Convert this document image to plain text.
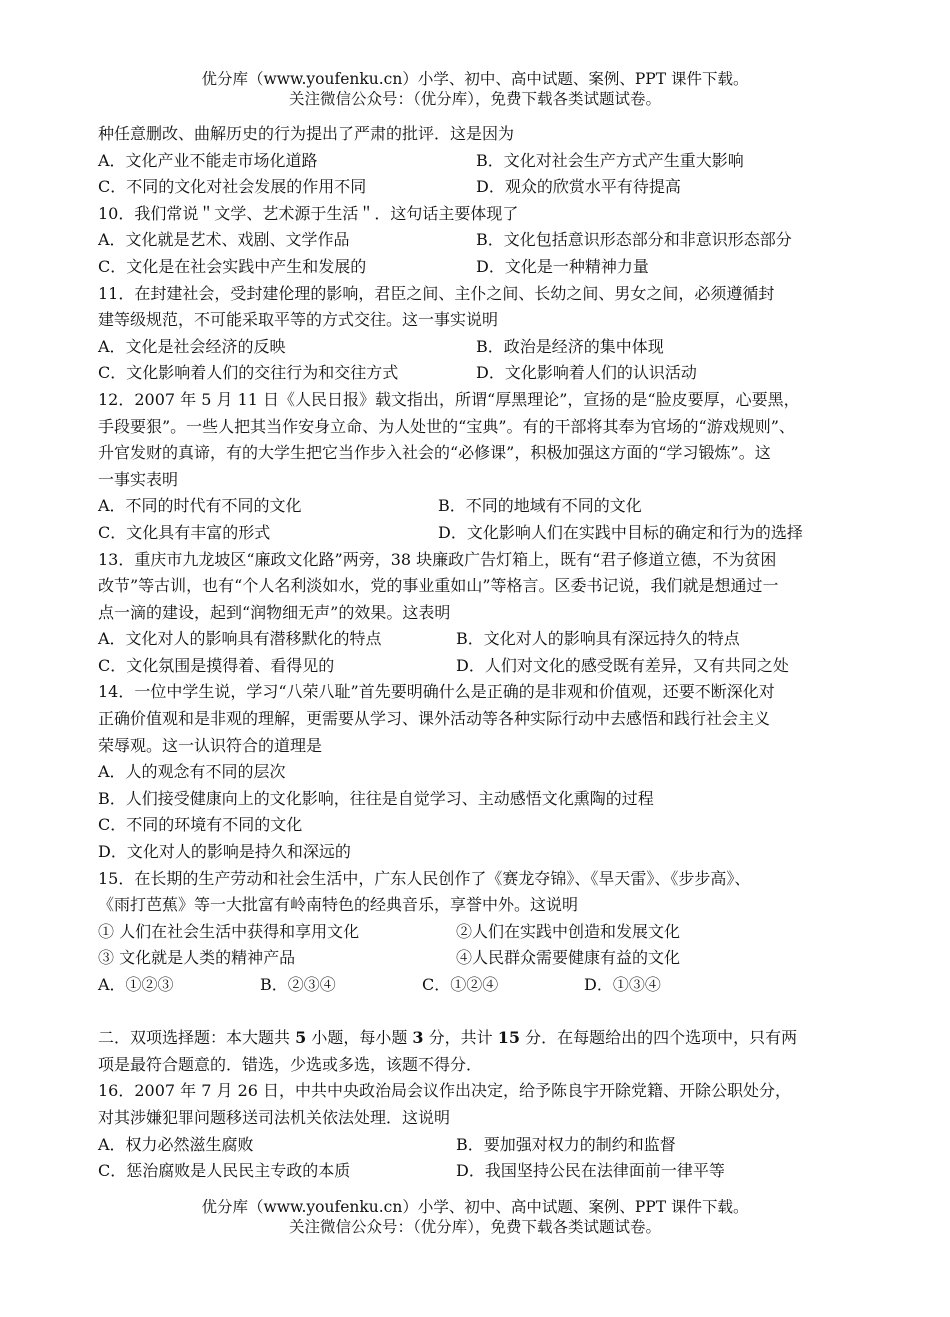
优分库（www.youfenku.cn）小学、初中、高中试题、案例、PPT 课件下载。
关注微信公众号：（优分库），免费下载各类试题试卷。
种任意删改、曲解历史的行为提出了严肃的批评．这是因为
A．文化产业不能走市场化道路	B．文化对社会生产方式产生重大影响
C．不同的文化对社会发展的作用不同	D．观众的欣赏水平有待提高
10．我们常说＂文学、艺术源于生活＂．这句话主要体现了
A．文化就是艺术、戏剧、文学作品	B．文化包括意识形态部分和非意识形态部分
C．文化是在社会实践中产生和发展的	D．文化是一种精神力量
11．在封建社会，受封建伦理的影响，君臣之间、主仆之间、长幼之间、男女之间，必须遵循封
建等级规范，不可能采取平等的方式交往。这一事实说明
A．文化是社会经济的反映	B．政治是经济的集中体现
C．文化影响着人们的交往行为和交往方式	D．文化影响着人们的认识活动
12．2007 年 5 月 11 日《人民日报》载文指出，所谓“厚黑理论”，宣扬的是“脸皮要厚，心要黑，
手段要狠”。一些人把其当作安身立命、为人处世的“宝典”。有的干部将其奉为官场的“游戏规则”、
升官发财的真谛，有的大学生把它当作步入社会的“必修课”，积极加强这方面的“学习锻炼”。这
一事实表明
A．不同的时代有不同的文化	B．不同的地域有不同的文化
C．文化具有丰富的形式	D．文化影响人们在实践中目标的确定和行为的选择
13．重庆市九龙坡区“廉政文化路”两旁，38 块廉政广告灯箱上，既有“君子修道立德，不为贫困
改节”等古训，也有“个人名利淡如水，党的事业重如山”等格言。区委书记说，我们就是想通过一
点一滴的建设，起到“润物细无声”的效果。这表明
A．文化对人的影响具有潜移默化的特点	B．文化对人的影响具有深远持久的特点
C．文化氛围是摸得着、看得见的	D．人们对文化的感受既有差异，又有共同之处
14．一位中学生说，学习“八荣八耻”首先要明确什么是正确的是非观和价值观，还要不断深化对
正确价值观和是非观的理解，更需要从学习、课外活动等各种实际行动中去感悟和践行社会主义
荣辱观。这一认识符合的道理是
A．人的观念有不同的层次
B．人们接受健康向上的文化影响，往往是自觉学习、主动感悟文化熏陶的过程
C．不同的环境有不同的文化
D．文化对人的影响是持久和深远的
15．在长期的生产劳动和社会生活中，广东人民创作了《赛龙夺锦》、《旱天雷》、《步步高》、
《雨打芭蕉》等一大批富有岭南特色的经典音乐，享誉中外。这说明
① 人们在社会生活中获得和享用文化	②人们在实践中创造和发展文化
③ 文化就是人类的精神产品	④人民群众需要健康有益的文化
A．①②③	B．②③④	C．①②④	D．①③④
二．双项选择题：本大题共 5 小题，每小题 3 分，共计 15 分．在每题给出的四个选项中，只有两
项是最符合题意的．错选，少选或多选，该题不得分．
16．2007 年 7 月 26 日，中共中央政治局会议作出决定，给予陈良宇开除党籍、开除公职处分，
对其涉嫌犯罪问题移送司法机关依法处理．这说明
A．权力必然滋生腐败	B．要加强对权力的制约和监督
C．惩治腐败是人民民主专政的本质	D．我国坚持公民在法律面前一律平等
优分库（www.youfenku.cn）小学、初中、高中试题、案例、PPT 课件下载。
关注微信公众号：（优分库），免费下载各类试题试卷。
